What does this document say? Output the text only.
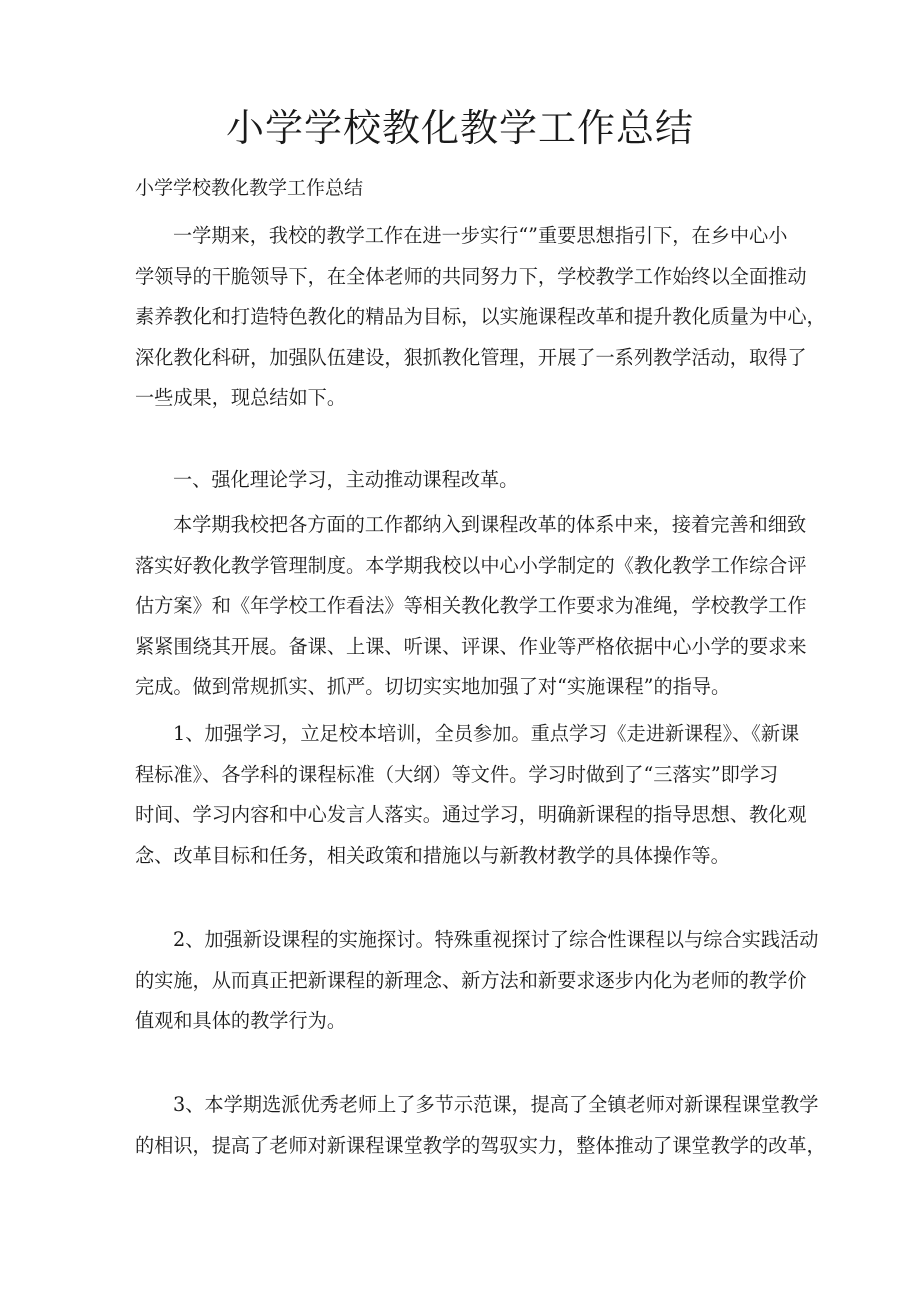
小学学校教化教学工作总结

小学学校教化教学工作总结

一学期来，我校的教学工作在进一步实行“”重要思想指引下，在乡中心小
学领导的干脆领导下，在全体老师的共同努力下，学校教学工作始终以全面推动
素养教化和打造特色教化的精品为目标，以实施课程改革和提升教化质量为中心，
深化教化科研，加强队伍建设，狠抓教化管理，开展了一系列教学活动，取得了
一些成果，现总结如下。

一、强化理论学习，主动推动课程改革。

本学期我校把各方面的工作都纳入到课程改革的体系中来，接着完善和细致
落实好教化教学管理制度。本学期我校以中心小学制定的《教化教学工作综合评
估方案》和《年学校工作看法》等相关教化教学工作要求为准绳，学校教学工作
紧紧围绕其开展。备课、上课、听课、评课、作业等严格依据中心小学的要求来
完成。做到常规抓实、抓严。切切实实地加强了对“实施课程”的指导。

1、加强学习，立足校本培训，全员参加。重点学习《走进新课程》、《新课
程标准》、各学科的课程标准（大纲）等文件。学习时做到了“三落实”即学习
时间、学习内容和中心发言人落实。通过学习，明确新课程的指导思想、教化观
念、改革目标和任务，相关政策和措施以与新教材教学的具体操作等。

2、加强新设课程的实施探讨。特殊重视探讨了综合性课程以与综合实践活动
的实施，从而真正把新课程的新理念、新方法和新要求逐步内化为老师的教学价
值观和具体的教学行为。

3、本学期选派优秀老师上了多节示范课，提高了全镇老师对新课程课堂教学
的相识，提高了老师对新课程课堂教学的驾驭实力，整体推动了课堂教学的改革，
